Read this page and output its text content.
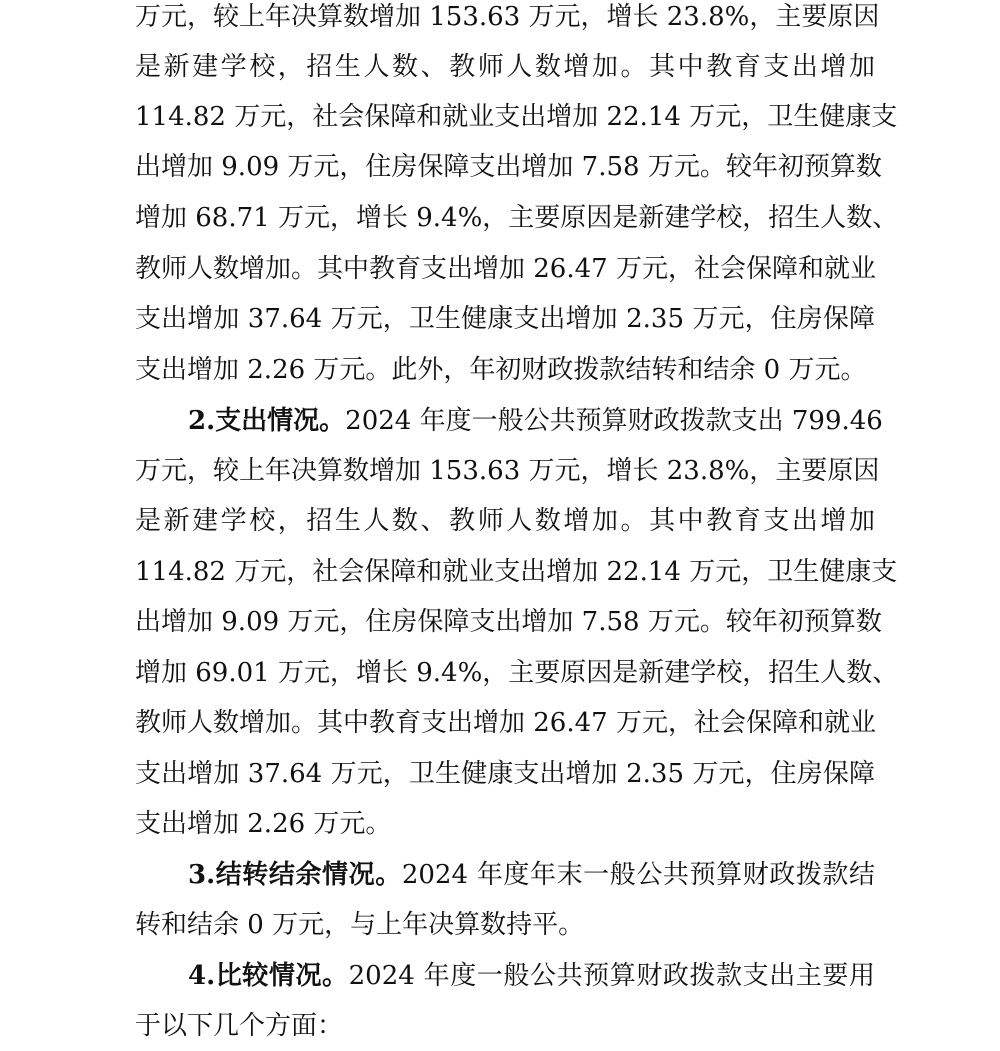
万元，较上年决算数增加 153.63 万元，增长 23.8%，主要原因
是新建学校，招生人数、教师人数增加。其中教育支出增加
114.82 万元，社会保障和就业支出增加 22.14 万元，卫生健康支
出增加 9.09 万元，住房保障支出增加 7.58 万元。较年初预算数
增加 68.71 万元，增长 9.4%，主要原因是新建学校，招生人数、
教师人数增加。其中教育支出增加 26.47 万元，社会保障和就业
支出增加 37.64 万元，卫生健康支出增加 2.35 万元，住房保障
支出增加 2.26 万元。此外，年初财政拨款结转和结余 0 万元。
2.支出情况。2024 年度一般公共预算财政拨款支出 799.46
万元，较上年决算数增加 153.63 万元，增长 23.8%，主要原因
是新建学校，招生人数、教师人数增加。其中教育支出增加
114.82 万元，社会保障和就业支出增加 22.14 万元，卫生健康支
出增加 9.09 万元，住房保障支出增加 7.58 万元。较年初预算数
增加 69.01 万元，增长 9.4%，主要原因是新建学校，招生人数、
教师人数增加。其中教育支出增加 26.47 万元，社会保障和就业
支出增加 37.64 万元，卫生健康支出增加 2.35 万元，住房保障
支出增加 2.26 万元。
3.结转结余情况。2024 年度年末一般公共预算财政拨款结
转和结余 0 万元，与上年决算数持平。
4.比较情况。2024 年度一般公共预算财政拨款支出主要用
于以下几个方面：
